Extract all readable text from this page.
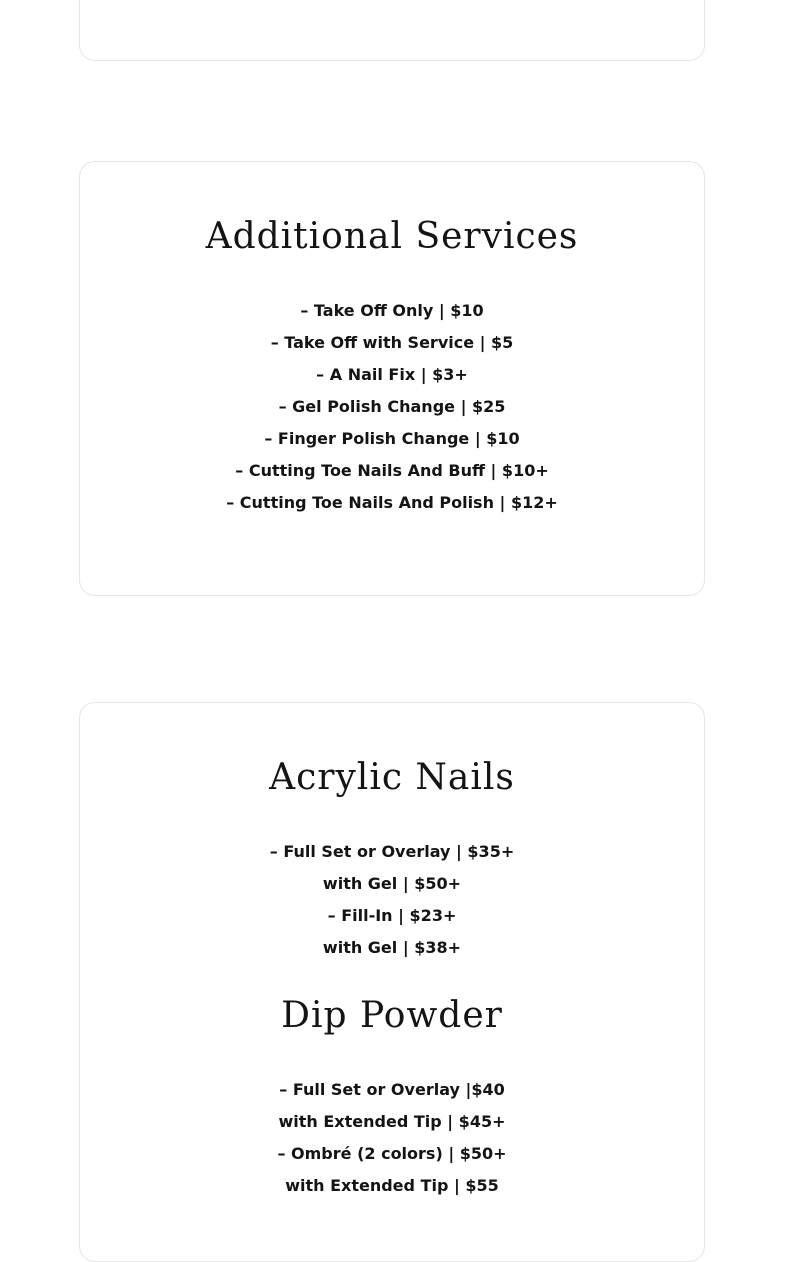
Additional Services
– Take Off Only | $10
– Take Off with Service | $5
– A Nail Fix | $3+
– Gel Polish Change | $25
– Finger Polish Change | $10
– Cutting Toe Nails And Buff | $10+
– Cutting Toe Nails And Polish | $12+
Acrylic Nails
– Full Set or Overlay | $35+
with Gel | $50+
– Fill-In | $23+
with Gel | $38+
Dip Powder
– Full Set or Overlay |$40
with Extended Tip | $45+
– Ombré (2 colors) | $50+
with Extended Tip | $55
